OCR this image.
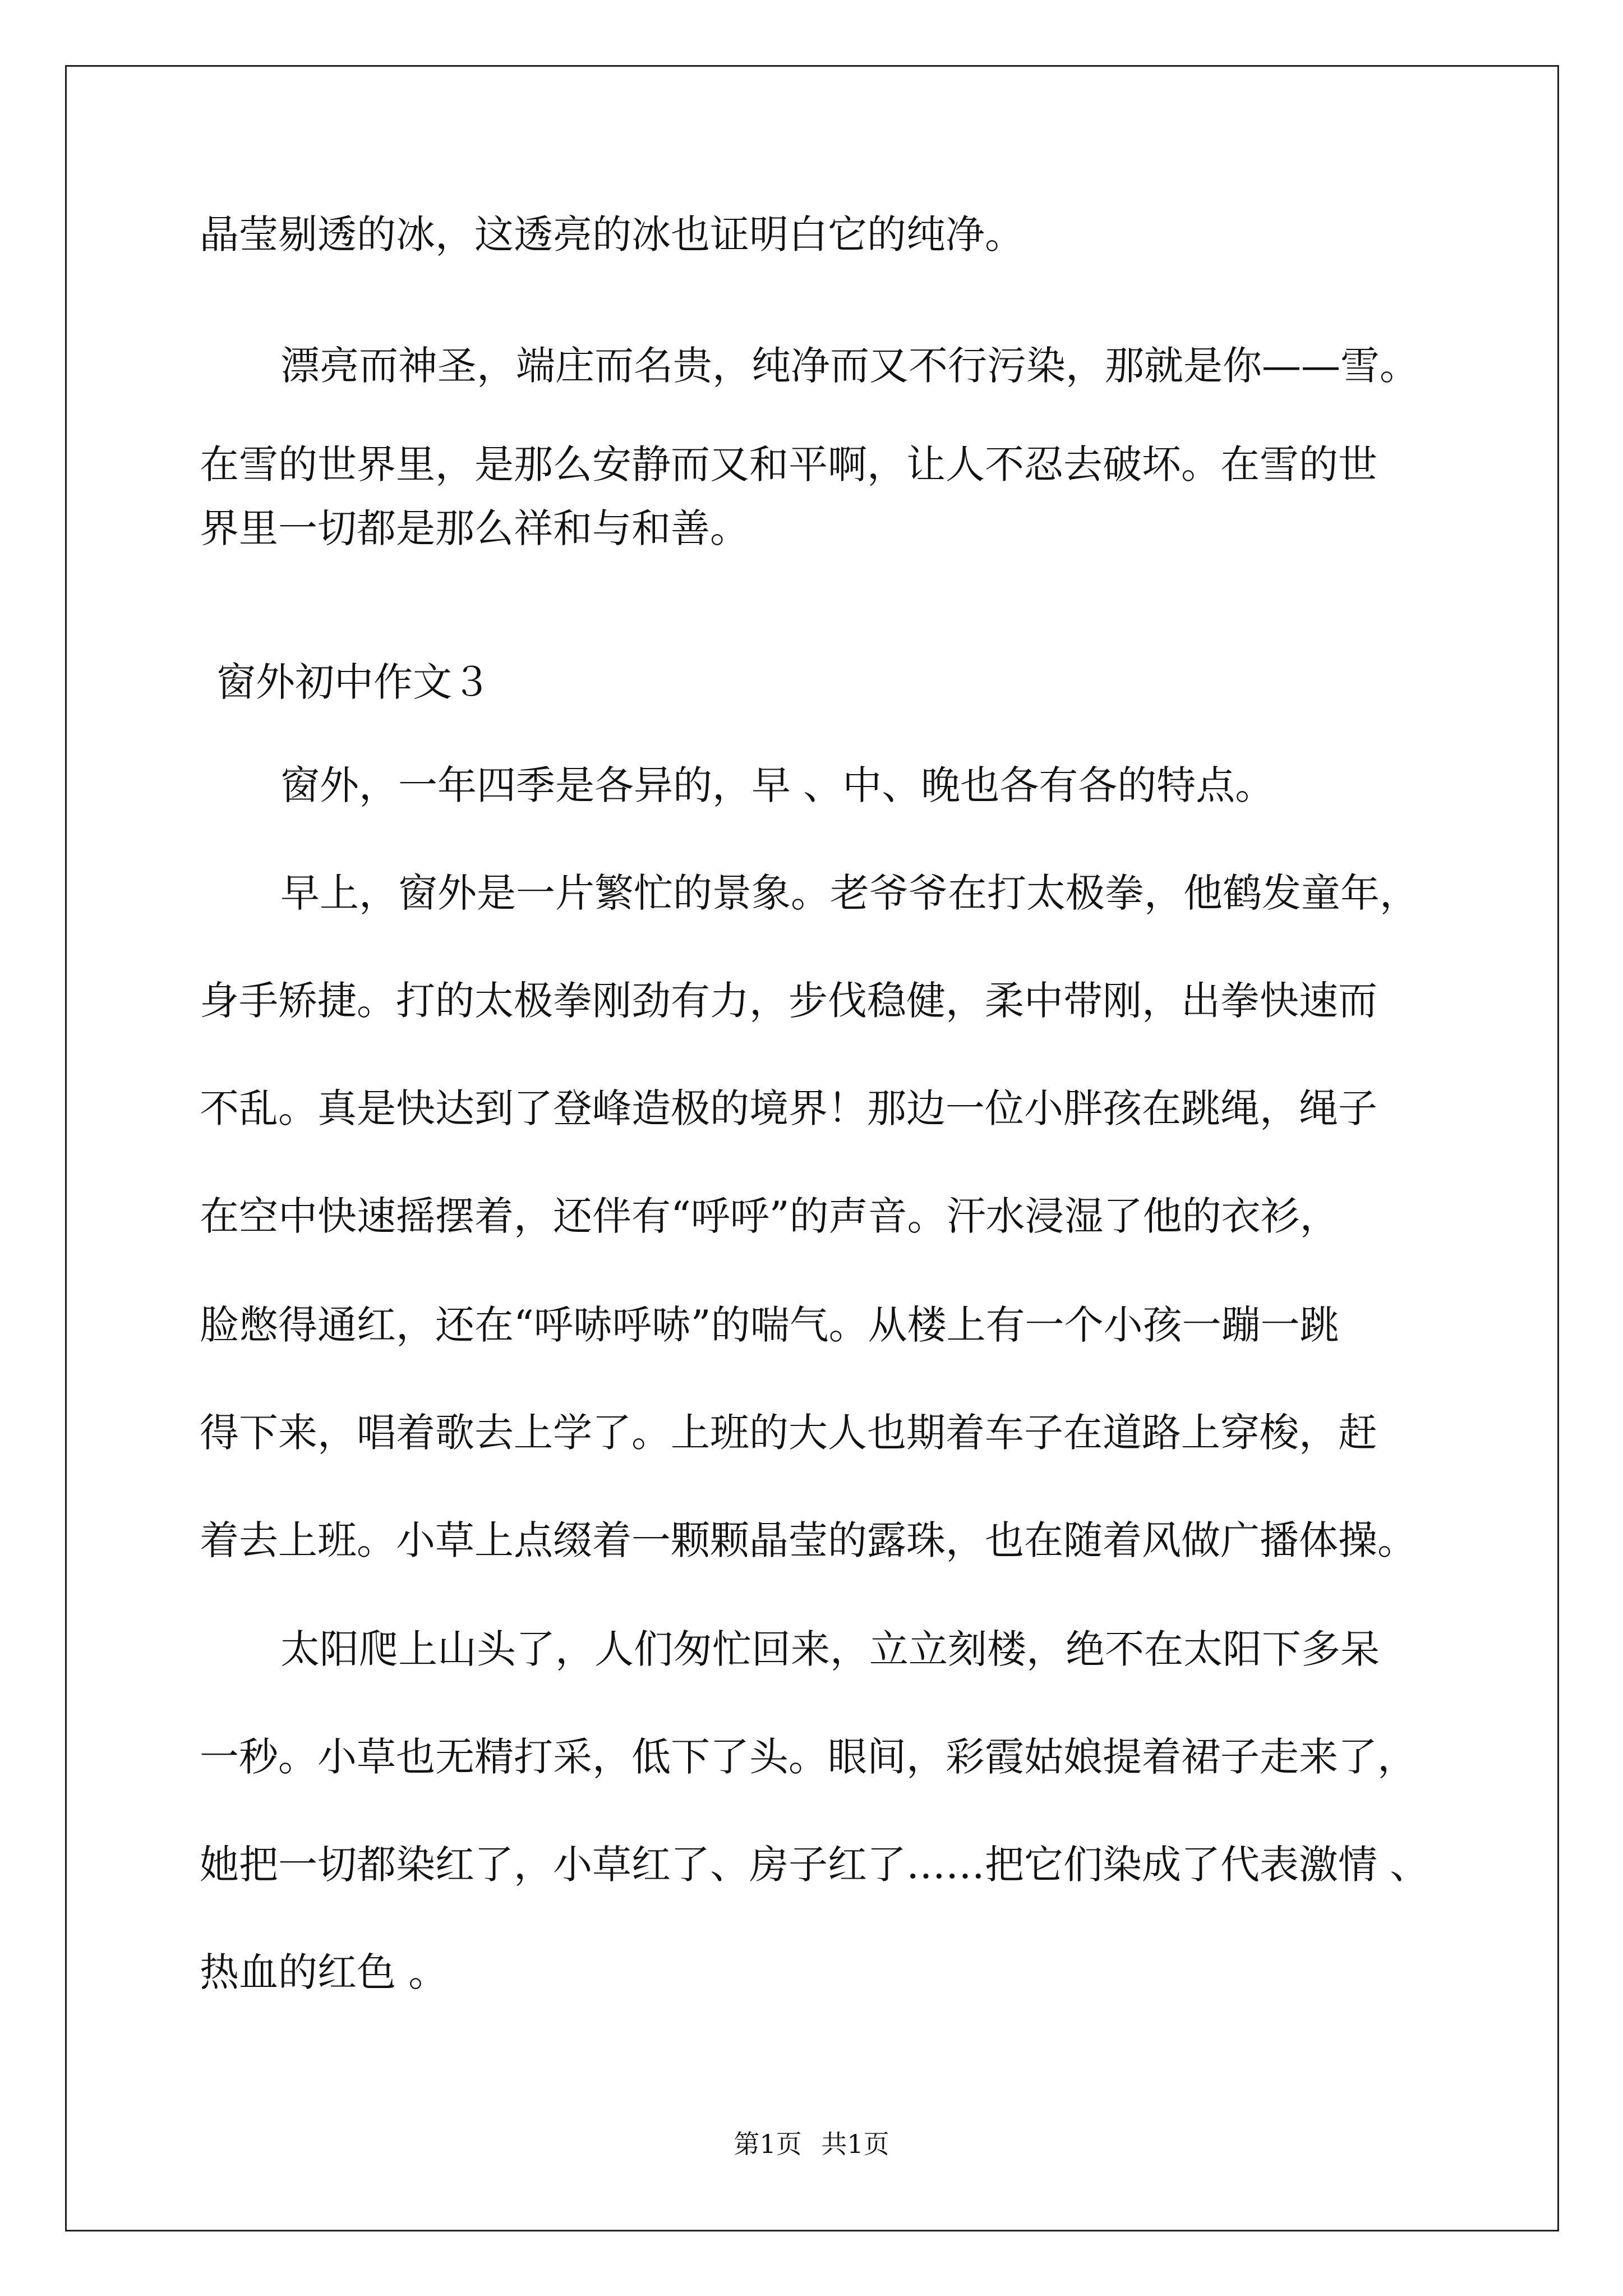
晶莹剔透的冰，这透亮的冰也证明白它的纯净。
漂亮而神圣，端庄而名贵，纯净而又不行污染，那就是你——雪。
在雪的世界里，是那么安静而又和平啊，让人不忍去破坏。在雪的世
界里一切都是那么祥和与和善。
窗外初中作文３
窗外，一年四季是各异的，早 、中、晚也各有各的特点。
早上，窗外是一片繁忙的景象。老爷爷在打太极拳，他鹤发童年，
身手矫捷。打的太极拳刚劲有力，步伐稳健，柔中带刚，出拳快速而
不乱。真是快达到了登峰造极的境界！那边一位小胖孩在跳绳，绳子
在空中快速摇摆着，还伴有“呼呼”的声音。汗水浸湿了他的衣衫，
脸憋得通红，还在“呼哧呼哧”的喘气。从楼上有一个小孩一蹦一跳
得下来，唱着歌去上学了。上班的大人也期着车子在道路上穿梭，赶
着去上班。小草上点缀着一颗颗晶莹的露珠，也在随着风做广播体操。
太阳爬上山头了，人们匆忙回来，立立刻楼，绝不在太阳下多呆
一秒。小草也无精打采，低下了头。眼间，彩霞姑娘提着裙子走来了，
她把一切都染红了，小草红了、房子红了……把它们染成了代表激情 、
热血的红色 。
第1页 共1页
